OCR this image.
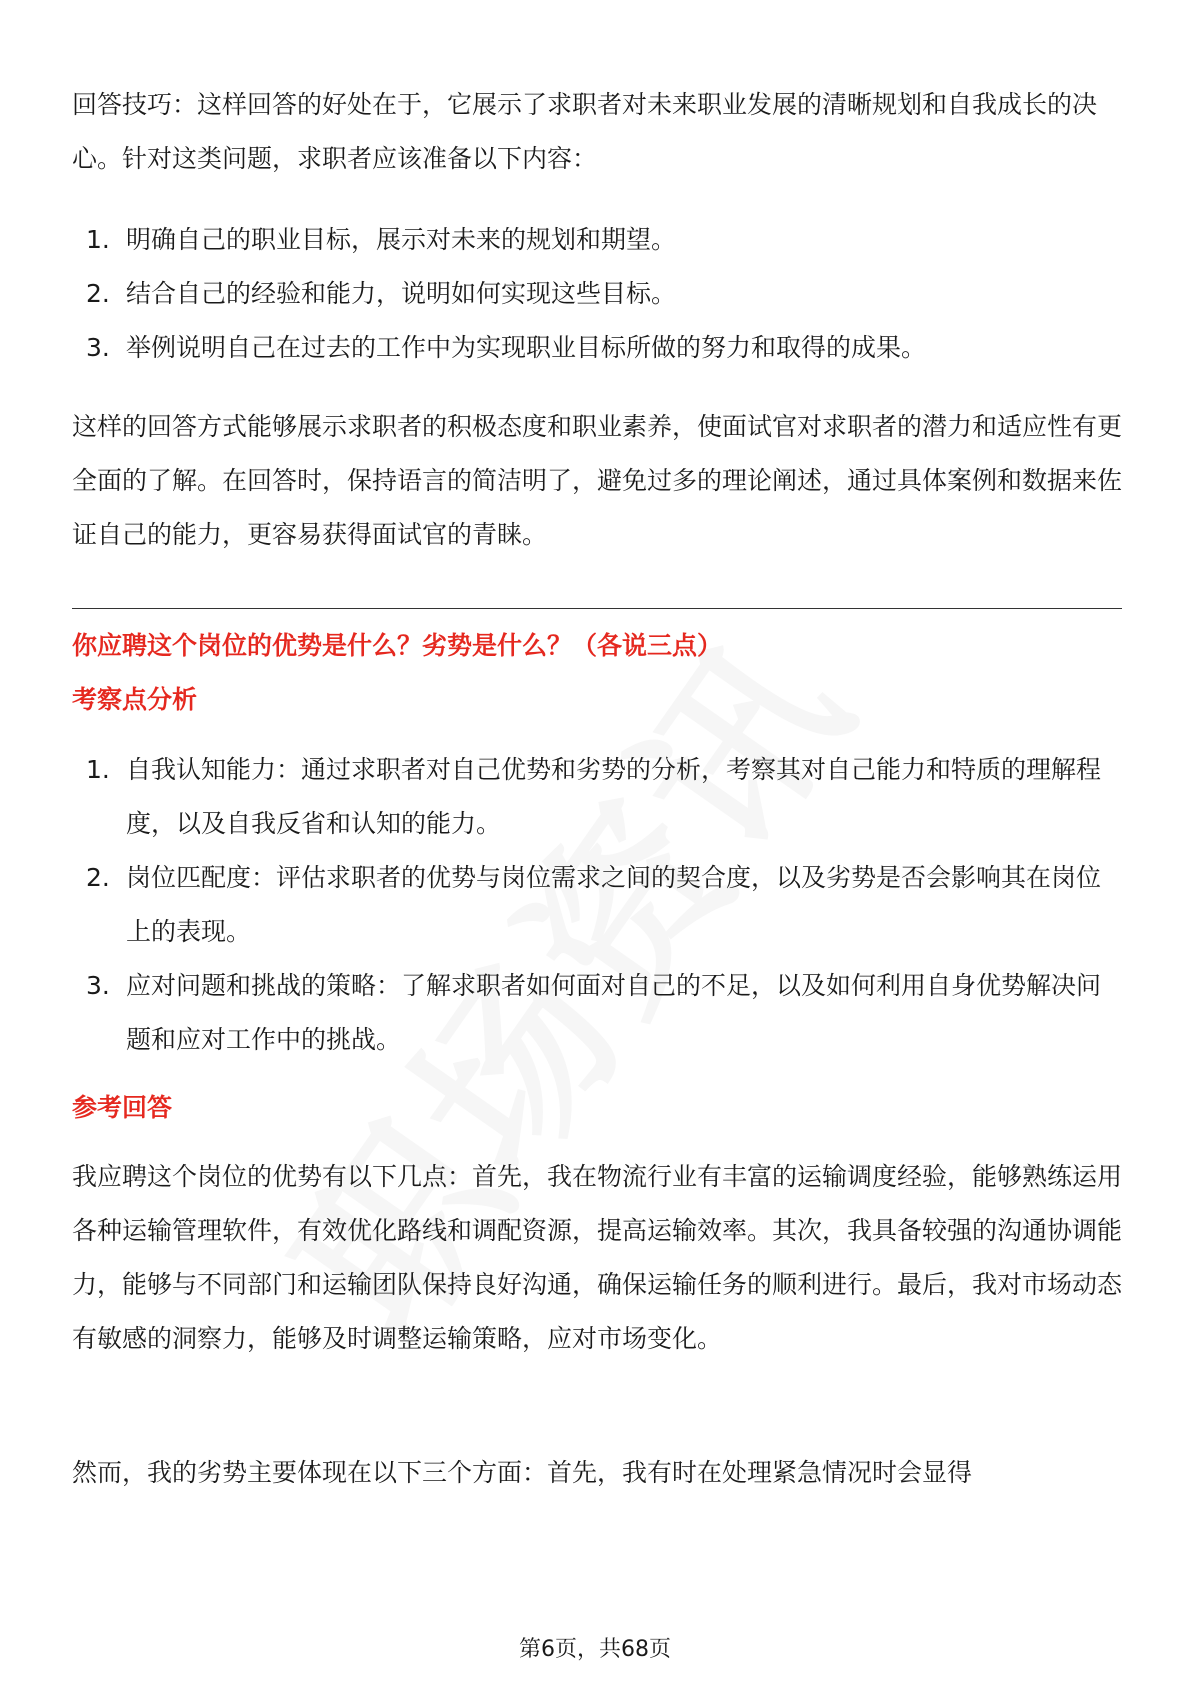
回答技巧：这样回答的好处在于，它展示了求职者对未来职业发展的清晰规划和自我成长的决心。针对这类问题，求职者应该准备以下内容：

1. 明确自己的职业目标，展示对未来的规划和期望。
2. 结合自己的经验和能力，说明如何实现这些目标。
3. 举例说明自己在过去的工作中为实现职业目标所做的努力和取得的成果。

这样的回答方式能够展示求职者的积极态度和职业素养，使面试官对求职者的潜力和适应性有更全面的了解。在回答时，保持语言的简洁明了，避免过多的理论阐述，通过具体案例和数据来佐证自己的能力，更容易获得面试官的青睐。

你应聘这个岗位的优势是什么？劣势是什么？（各说三点）
考察点分析
1. 自我认知能力：通过求职者对自己优势和劣势的分析，考察其对自己能力和特质的理解程度，以及自我反省和认知的能力。
2. 岗位匹配度：评估求职者的优势与岗位需求之间的契合度，以及劣势是否会影响其在岗位上的表现。
3. 应对问题和挑战的策略：了解求职者如何面对自己的不足，以及如何利用自身优势解决问题和应对工作中的挑战。
参考回答

我应聘这个岗位的优势有以下几点：首先，我在物流行业有丰富的运输调度经验，能够熟练运用各种运输管理软件，有效优化路线和调配资源，提高运输效率。其次，我具备较强的沟通协调能力，能够与不同部门和运输团队保持良好沟通，确保运输任务的顺利进行。最后，我对市场动态有敏感的洞察力，能够及时调整运输策略，应对市场变化。

然而，我的劣势主要体现在以下三个方面：首先，我有时在处理紧急情况时会显得

第6页，共68页
